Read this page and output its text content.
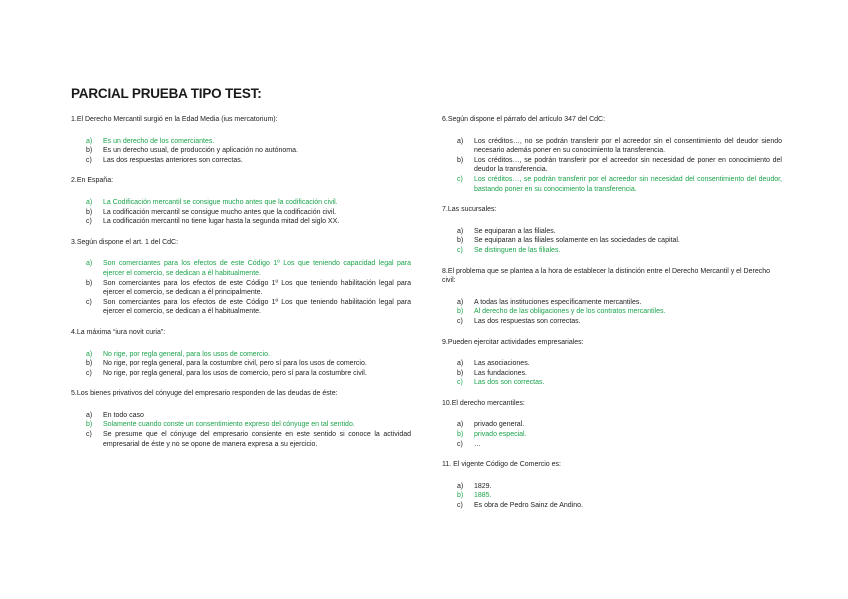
PARCIAL PRUEBA TIPO TEST:
1.El Derecho Mercantil surgió en la Edad Media (ius mercatorium):
a)	Es un derecho de los comerciantes.
b)	Es un derecho usual, de producción y aplicación no autónoma.
c)	Las dos respuestas anteriores son correctas.
2.En España:
a)	La Codificación mercantil se consigue mucho antes que la codificación civil.
b)	La codificación mercantil se consigue mucho antes que la codificación civil.
c)	La codificación mercantil no tiene lugar hasta la segunda mitad del siglo XX.
3.Según dispone el art. 1 del CdC:
a)	Son comerciantes para los efectos de este Código 1º Los que teniendo capacidad legal para ejercer el comercio, se dedican a él habitualmente.
b)	Son comerciantes para los efectos de este Código 1º Los que teniendo habilitación legal para ejercer el comercio, se dedican a él principalmente.
c)	Son comerciantes para los efectos de este Código 1º Los que teniendo habilitación legal para ejercer el comercio, se dedican a él habitualmente.
4.La máxima “iura novit curia”:
a)	No rige, por regla general, para los usos de comercio.
b)	No rige, por regla general, para la costumbre civil, pero sí para los usos de comercio.
c)	No rige, por regla general, para los usos de comercio, pero sí para la costumbre civil.
5.Los bienes privativos del cónyuge del empresario responden de las deudas de éste:
a)	En todo caso
b)	Solamente cuando conste un consentimiento expreso del cónyuge en tal sentido.
c)	Se presume que el cónyuge del empresario consiente en este sentido si conoce la actividad empresarial de éste y no se opone de manera expresa a su ejercicio.
6.Según dispone el párrafo del artículo 347 del CdC:
a)	Los créditos…, no se podrán transferir por el acreedor sin el consentimiento del deudor siendo necesario además poner en su conocimiento la transferencia.
b)	Los créditos…, se podrán transferir por el acreedor sin necesidad de poner en conocimiento del deudor la transferencia.
c)	Los créditos…, se podrán transferir por el acreedor sin necesidad del consentimiento del deudor, bastando poner en su conocimiento la transferencia.
7.Las sucursales:
a)	Se equiparan a las filiales.
b)	Se equiparan a las filiales solamente en las sociedades de capital.
c)	Se distinguen de las filiales.
8.El problema que se plantea a la hora de establecer la distinción entre el Derecho Mercantil y el Derecho civil:
a)	A todas las instituciones específicamente mercantiles.
b)	Al derecho de las obligaciones y de los contratos mercantiles.
c)	Las dos respuestas son correctas.
9.Pueden ejercitar actividades empresariales:
a)	Las asociaciones.
b)	Las fundaciones.
c)	Las dos son correctas.
10.El derecho mercantiles:
a)	privado general.
b)	privado especial.
c)	…
11. El vigente Código de Comercio es:
a)	1829.
b)	1885.
c)	Es obra de Pedro Sainz de Andino.
